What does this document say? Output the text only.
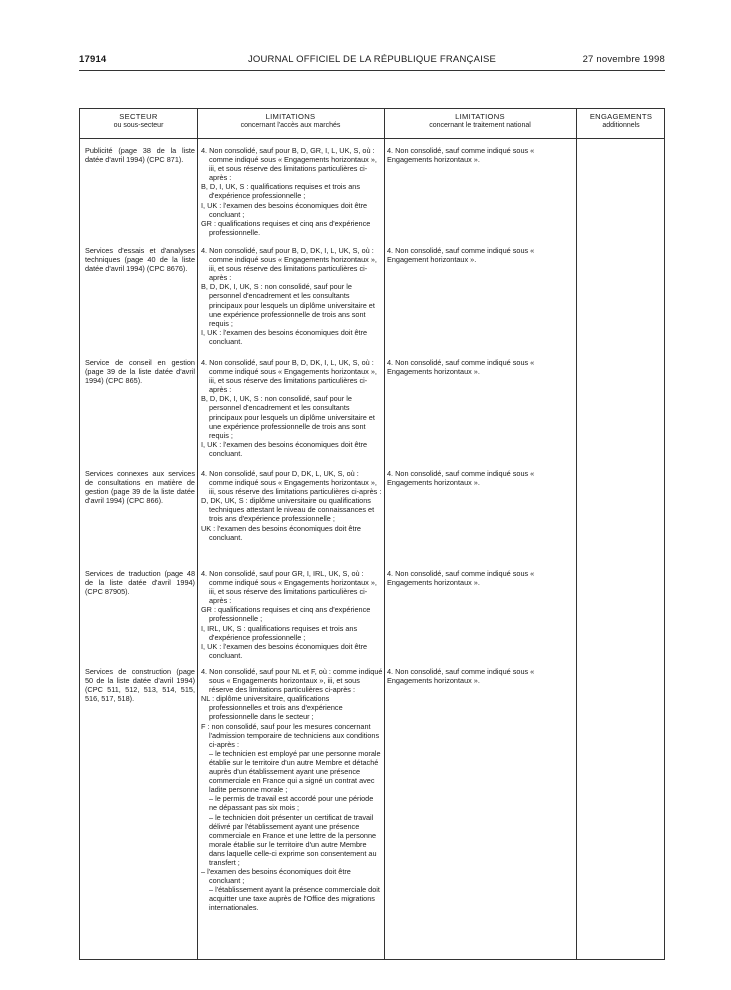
17914	JOURNAL OFFICIEL DE LA RÉPUBLIQUE FRANÇAISE	27 novembre 1998
SECTEUR
ou sous-secteur
LIMITATIONS
concernant l'accès aux marchés
LIMITATIONS
concernant le traitement national
ENGAGEMENTS
additionnels
Publicité (page 38 de la liste datée d'avril 1994) (CPC 871).

4. Non consolidé, sauf pour B, D, GR, I, L, UK, S, où : comme indiqué sous « Engagements horizontaux », iii, et sous réserve des limitations particulières ci-après :

B, D, I, UK, S : qualifications requises et trois ans d'expérience professionnelle ;

I, UK : l'examen des besoins économiques doit être concluant ;

GR : qualifications requises et cinq ans d'expérience professionnelle.

4. Non consolidé, sauf comme indiqué sous « Engagements horizontaux ».
Services d'essais et d'analyses techniques (page 40 de la liste datée d'avril 1994) (CPC 8676).

4. Non consolidé, sauf pour B, D, DK, I, L, UK, S, où : comme indiqué sous « Engagements horizontaux », iii, et sous réserve des limitations particulières ci-après :

B, D, DK, I, UK, S : non consolidé, sauf pour le personnel d'encadrement et les consultants principaux pour lesquels un diplôme universitaire et une expérience professionnelle de trois ans sont requis ;

I, UK : l'examen des besoins économiques doit être concluant.

4. Non consolidé, sauf comme indiqué sous « Engagement horizontaux ».
Service de conseil en gestion (page 39 de la liste datée d'avril 1994) (CPC 865).

4. Non consolidé, sauf pour B, D, DK, I, L, UK, S, où : comme indiqué sous « Engagements horizontaux », iii, et sous réserve des limitations particulières ci-après :

B, D, DK, I, UK, S : non consolidé, sauf pour le personnel d'encadrement et les consultants principaux pour lesquels un diplôme universitaire et une expérience professionnelle de trois ans sont requis ;

I, UK : l'examen des besoins économiques doit être concluant.

4. Non consolidé, sauf comme indiqué sous « Engagements horizontaux ».
Services connexes aux services de consultations en matière de gestion (page 39 de la liste datée d'avril 1994) (CPC 866).

4. Non consolidé, sauf pour D, DK, L, UK, S, où : comme indiqué sous « Engagements horizontaux », iii, sous réserve des limitations particulières ci-après :

D, DK, UK, S : diplôme universitaire ou qualifications techniques attestant le niveau de connaissances et trois ans d'expérience professionnelle ;

UK : l'examen des besoins économiques doit être concluant.

4. Non consolidé, sauf comme indiqué sous « Engagements horizontaux ».
Services de traduction (page 48 de la liste datée d'avril 1994) (CPC 87905).

4. Non consolidé, sauf pour GR, I, IRL, UK, S, où : comme indiqué sous « Engagements horizontaux », iii, et sous réserve des limitations particulières ci-après :

GR : qualifications requises et cinq ans d'expérience professionnelle ;

I, IRL, UK, S : qualifications requises et trois ans d'expérience professionnelle ;

I, UK : l'examen des besoins économiques doit être concluant.

4. Non consolidé, sauf comme indiqué sous « Engagements horizontaux ».
Services de construction (page 50 de la liste datée d'avril 1994) (CPC 511, 512, 513, 514, 515, 516, 517, 518).

4. Non consolidé, sauf pour NL et F, où : comme indiqué sous « Engagements horizontaux », iii, et sous réserve des limitations particulières ci-après :

NL : diplôme universitaire, qualifications professionnelles et trois ans d'expérience professionnelle dans le secteur ;

F : non consolidé, sauf pour les mesures concernant l'admission temporaire de techniciens aux conditions ci-après :

– le technicien est employé par une personne morale établie sur le territoire d'un autre Membre et détaché auprès d'un établissement ayant une présence commerciale en France qui a signé un contrat avec ladite personne morale ;

– le permis de travail est accordé pour une période ne dépassant pas six mois ;

– le technicien doit présenter un certificat de travail délivré par l'établissement ayant une présence commerciale en France et une lettre de la personne morale établie sur le territoire d'un autre Membre dans laquelle celle-ci exprime son consentement au transfert ;

– l'examen des besoins économiques doit être concluant ;

– l'établissement ayant la présence commerciale doit acquitter une taxe auprès de l'Office des migrations internationales.

4. Non consolidé, sauf comme indiqué sous « Engagements horizontaux ».
